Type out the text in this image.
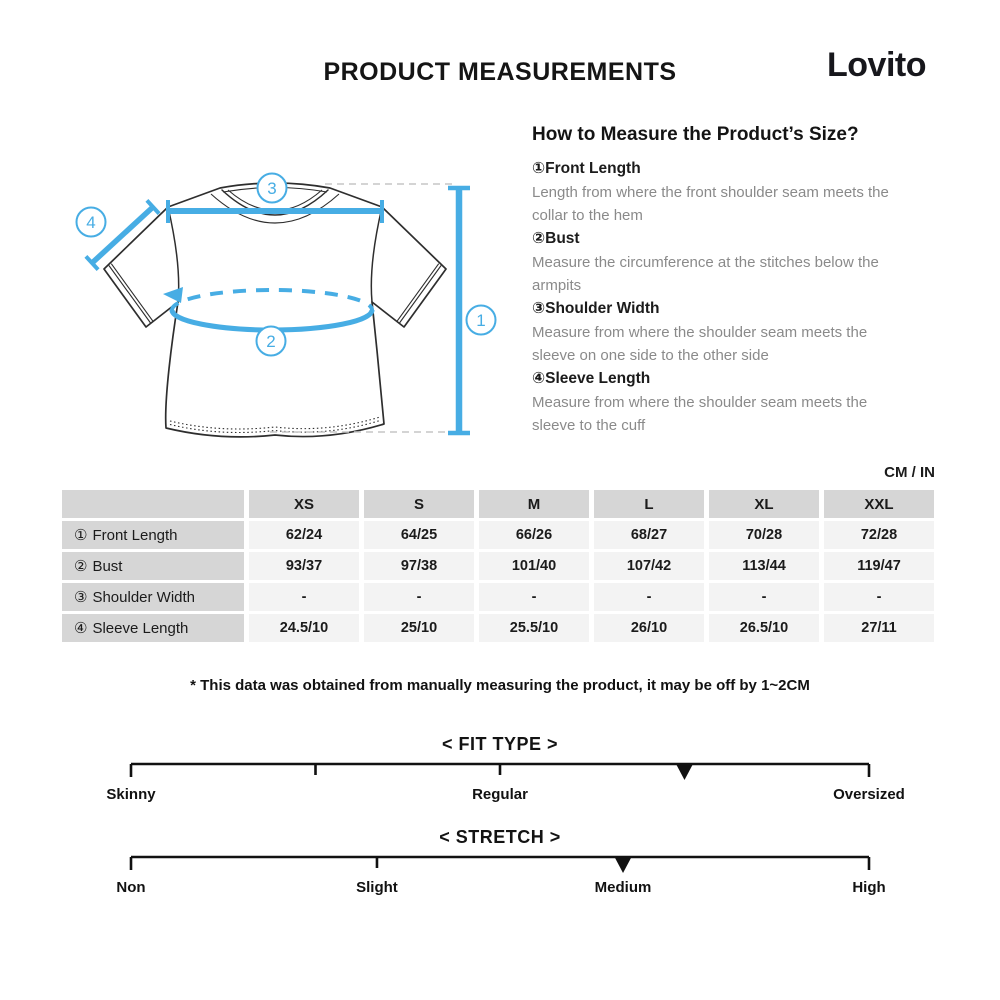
PRODUCT MEASUREMENTS	Lovito
1
2
3
4
How to Measure the Product’s Size?
①Front Length
Length from where the front shoulder seam meets the collar to the hem
②Bust
Measure the circumference at the stitches below the armpits
③Shoulder Width
Measure from where the shoulder seam meets the sleeve on one side to the other side
④Sleeve Length
Measure from where the shoulder seam meets the sleeve to the cuff
CM / IN
	XS	S	M	L	XL	XXL
① Front Length	62/24	64/25	66/26	68/27	70/28	72/28
② Bust	93/37	97/38	101/40	107/42	113/44	119/47
③ Shoulder Width	-	-	-	-	-	-
④ Sleeve Length	24.5/10	25/10	25.5/10	26/10	26.5/10	27/11
* This data was obtained from manually measuring the product, it may be off by 1~2CM
< FIT TYPE >
Skinny	Regular	Oversized
< STRETCH >
Non	Slight	Medium	High
